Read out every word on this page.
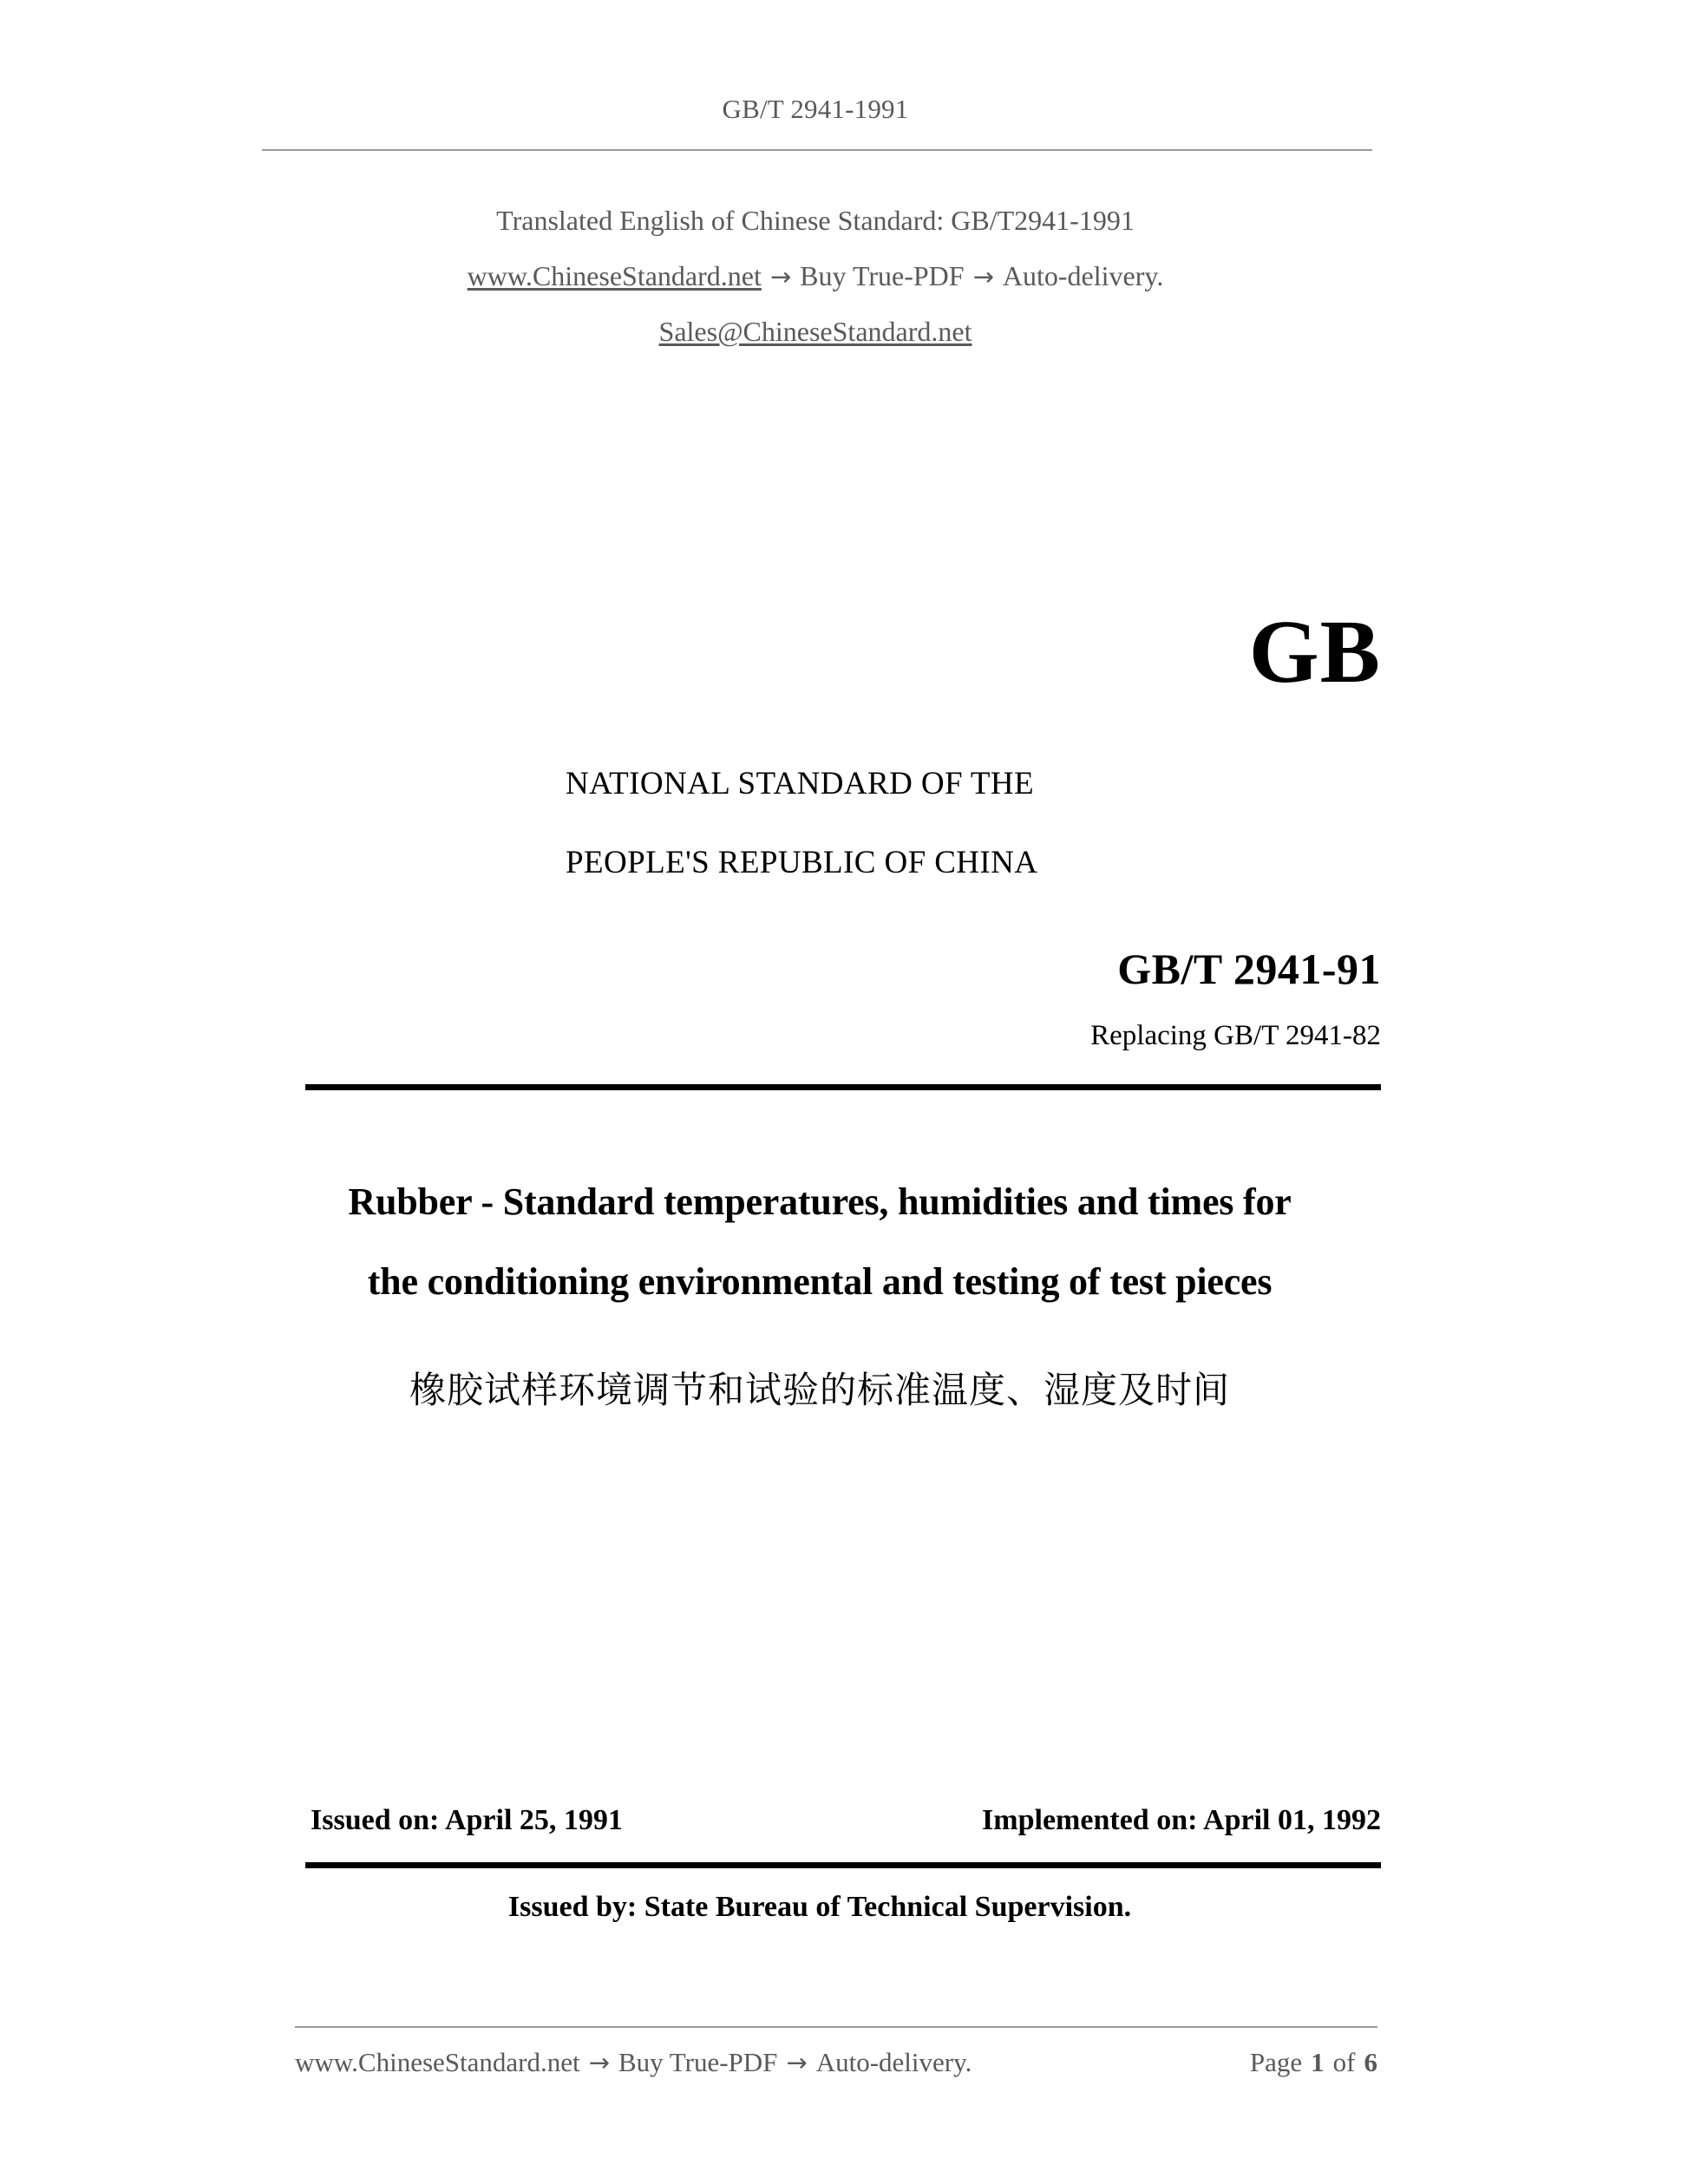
GB/T 2941-1991
Translated English of Chinese Standard: GB/T2941-1991
www.ChineseStandard.net → Buy True-PDF → Auto-delivery.
Sales@ChineseStandard.net
GB
NATIONAL STANDARD OF THE
PEOPLE'S REPUBLIC OF CHINA
GB/T 2941-91
Replacing GB/T 2941-82
Rubber - Standard temperatures, humidities and times for
the conditioning environmental and testing of test pieces
橡胶试样环境调节和试验的标准温度、湿度及时间
Issued on: April 25, 1991	Implemented on: April 01, 1992
Issued by: State Bureau of Technical Supervision.
www.ChineseStandard.net → Buy True-PDF → Auto-delivery.	Page 1 of 6
